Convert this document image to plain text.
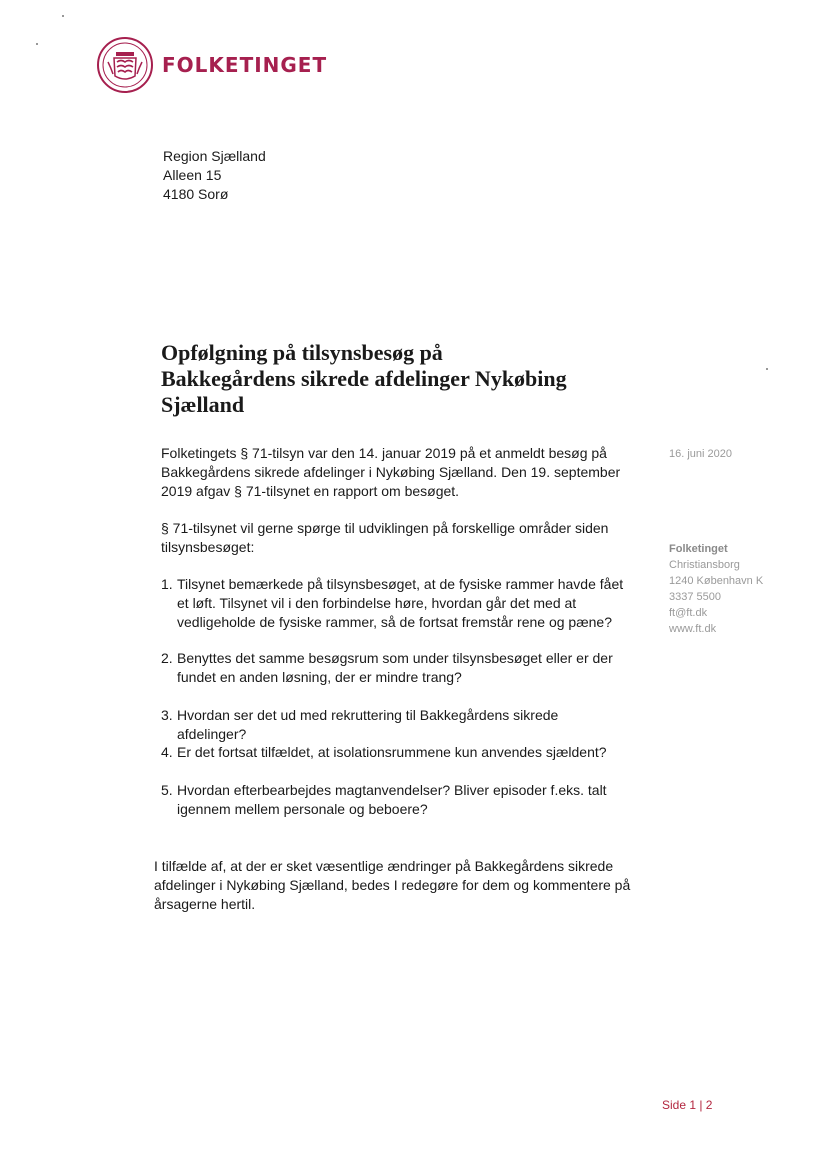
FOLKETINGET
Region Sjælland
Alleen 15
4180 Sorø
Opfølgning på tilsynsbesøg på
Bakkegårdens sikrede afdelinger Nykøbing
Sjælland

Folketingets § 71-tilsyn var den 14. januar 2019 på et anmeldt besøg på Bakkegårdens sikrede afdelinger i Nykøbing Sjælland. Den 19. september 2019 afgav § 71-tilsynet en rapport om besøget.

§ 71-tilsynet vil gerne spørge til udviklingen på forskellige områder siden tilsynsbesøget:

1. Tilsynet bemærkede på tilsynsbesøget, at de fysiske rammer havde fået et løft. Tilsynet vil i den forbindelse høre, hvordan går det med at vedligeholde de fysiske rammer, så de fortsat fremstår rene og pæne?
2. Benyttes det samme besøgsrum som under tilsynsbesøget eller er der fundet en anden løsning, der er mindre trang?
3. Hvordan ser det ud med rekruttering til Bakkegårdens sikrede afdelinger?
4. Er det fortsat tilfældet, at isolationsrummene kun anvendes sjældent?
5. Hvordan efterbearbejdes magtanvendelser? Bliver episoder f.eks. talt igennem mellem personale og beboere?

I tilfælde af, at der er sket væsentlige ændringer på Bakkegårdens sikrede afdelinger i Nykøbing Sjælland, bedes I redegøre for dem og kommentere på årsagerne hertil.

16. juni 2020
Folketinget
Christiansborg
1240 København K
3337 5500
ft@ft.dk
www.ft.dk
Side 1 | 2
